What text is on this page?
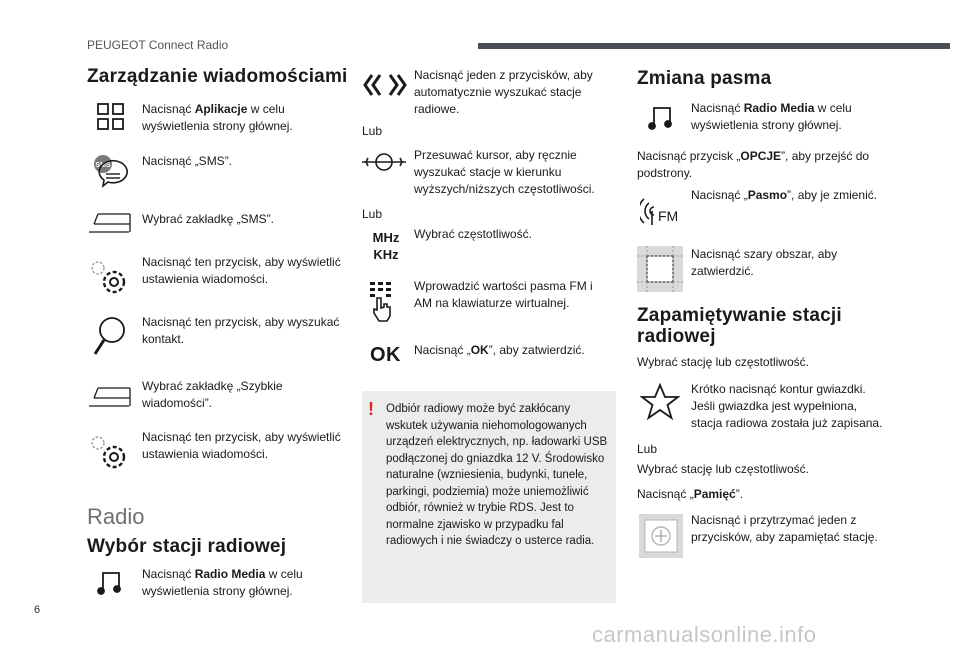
PEUGEOT Connect Radio
Zarządzanie wiadomościami
Nacisnąć Aplikacje w celu wyświetlenia strony głównej.
SMS	Nacisnąć „SMS”.
Wybrać zakładkę „SMS”.
Nacisnąć ten przycisk, aby wyświetlić ustawienia wiadomości.
Nacisnąć ten przycisk, aby wyszukać kontakt.
Wybrać zakładkę „Szybkie wiadomości”.
Nacisnąć ten przycisk, aby wyświetlić ustawienia wiadomości.
Radio
Wybór stacji radiowej
Nacisnąć Radio Media w celu wyświetlenia strony głównej.
Nacisnąć jeden z przycisków, aby automatycznie wyszukać stacje radiowe.
Lub
Przesuwać kursor, aby ręcznie wyszukać stacje w kierunku wyższych/niższych częstotliwości.
Lub
MHz
KHz
Wybrać częstotliwość.
Wprowadzić wartości pasma FM i AM na klawiaturze wirtualnej.
OK Nacisnąć „OK”, aby zatwierdzić.
! Odbiór radiowy może być zakłócany wskutek używania niehomologowanych urządzeń elektrycznych, np. ładowarki USB podłączonej do gniazdka 12 V. Środowisko naturalne (wzniesienia, budynki, tunele, parkingi, podziemia) może uniemożliwić odbiór, również w trybie RDS. Jest to normalne zjawisko w przypadku fal radiowych i nie świadczy o usterce radia.
Zmiana pasma
Nacisnąć Radio Media w celu wyświetlenia strony głównej.
Nacisnąć przycisk „OPCJE”, aby przejść do podstrony.
FM
Nacisnąć „Pasmo”, aby je zmienić.
Nacisnąć szary obszar, aby zatwierdzić.
Zapamiętywanie stacji
radiowej
Wybrać stację lub częstotliwość.
Krótko nacisnąć kontur gwiazdki. Jeśli gwiazdka jest wypełniona, stacja radiowa została już zapisana.
Lub
Wybrać stację lub częstotliwość.
Nacisnąć „Pamięć”.
Nacisnąć i przytrzymać jeden z przycisków, aby zapamiętać stację.
6
carmanualsonline.info
